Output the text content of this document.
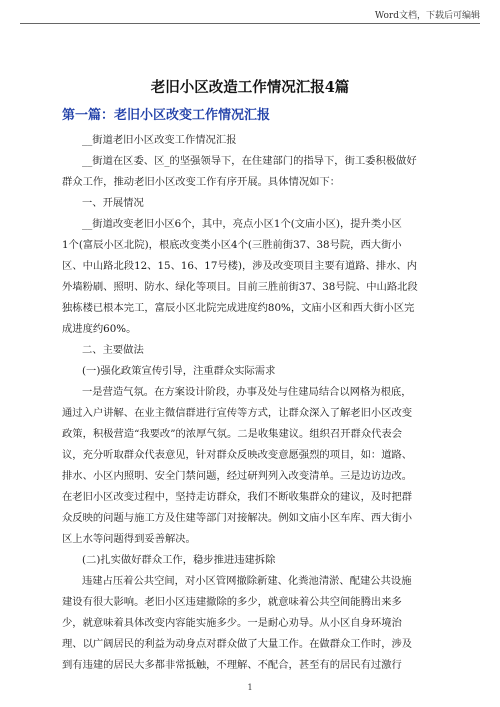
Word文档，下载后可编辑
老旧小区改造工作情况汇报4篇
第一篇：老旧小区改变工作情况汇报
__街道老旧小区改变工作情况汇报
__街道在区委、区_的坚强领导下，在住建部门的指导下，街工委积极做好
群众工作，推动老旧小区改变工作有序开展。具体情况如下：
一、开展情况
__街道改变老旧小区6个，其中，亮点小区1个(文庙小区)，提升类小区
1个(富辰小区北院)，根底改变类小区4个(三胜前街37、38号院，西大街小
区、中山路北段12、15、16、17号楼)，涉及改变项目主要有道路、排水、内
外墙粉刷、照明、防水、绿化等项目。目前三胜前街37、38号院、中山路北段
独栋楼已根本完工，富辰小区北院完成进度约80%，文庙小区和西大街小区完
成进度约60%。
二、主要做法
(一)强化政策宣传引导，注重群众实际需求
一是营造气氛。在方案设计阶段，办事及处与住建局结合以网格为根底，
通过入户讲解、在业主微信群进行宣传等方式，让群众深入了解老旧小区改变
政策，积极营造“我要改”的浓厚气氛。二是收集建议。组织召开群众代表会
议，充分听取群众代表意见，针对群众反映改变意愿强烈的项目，如：道路、
排水、小区内照明、安全门禁问题，经过研判列入改变清单。三是边访边改。
在老旧小区改变过程中，坚持走访群众，我们不断收集群众的建议，及时把群
众反映的问题与施工方及住建等部门对接解决。例如文庙小区车库、西大街小
区上水等问题得到妥善解决。
(二)扎实做好群众工作，稳步推进违建拆除
违建占压着公共空间，对小区管网撤除新建、化粪池清淤、配建公共设施
建设有很大影响。老旧小区违建撤除的多少，就意味着公共空间能腾出来多
少，就意味着具体改变内容能实施多少。一是耐心劝导。从小区自身环境治
理、以广阔居民的利益为动身点对群众做了大量工作。在做群众工作时，涉及
到有违建的居民大多都非常抵触，不理解、不配合，甚至有的居民有过激行
1
